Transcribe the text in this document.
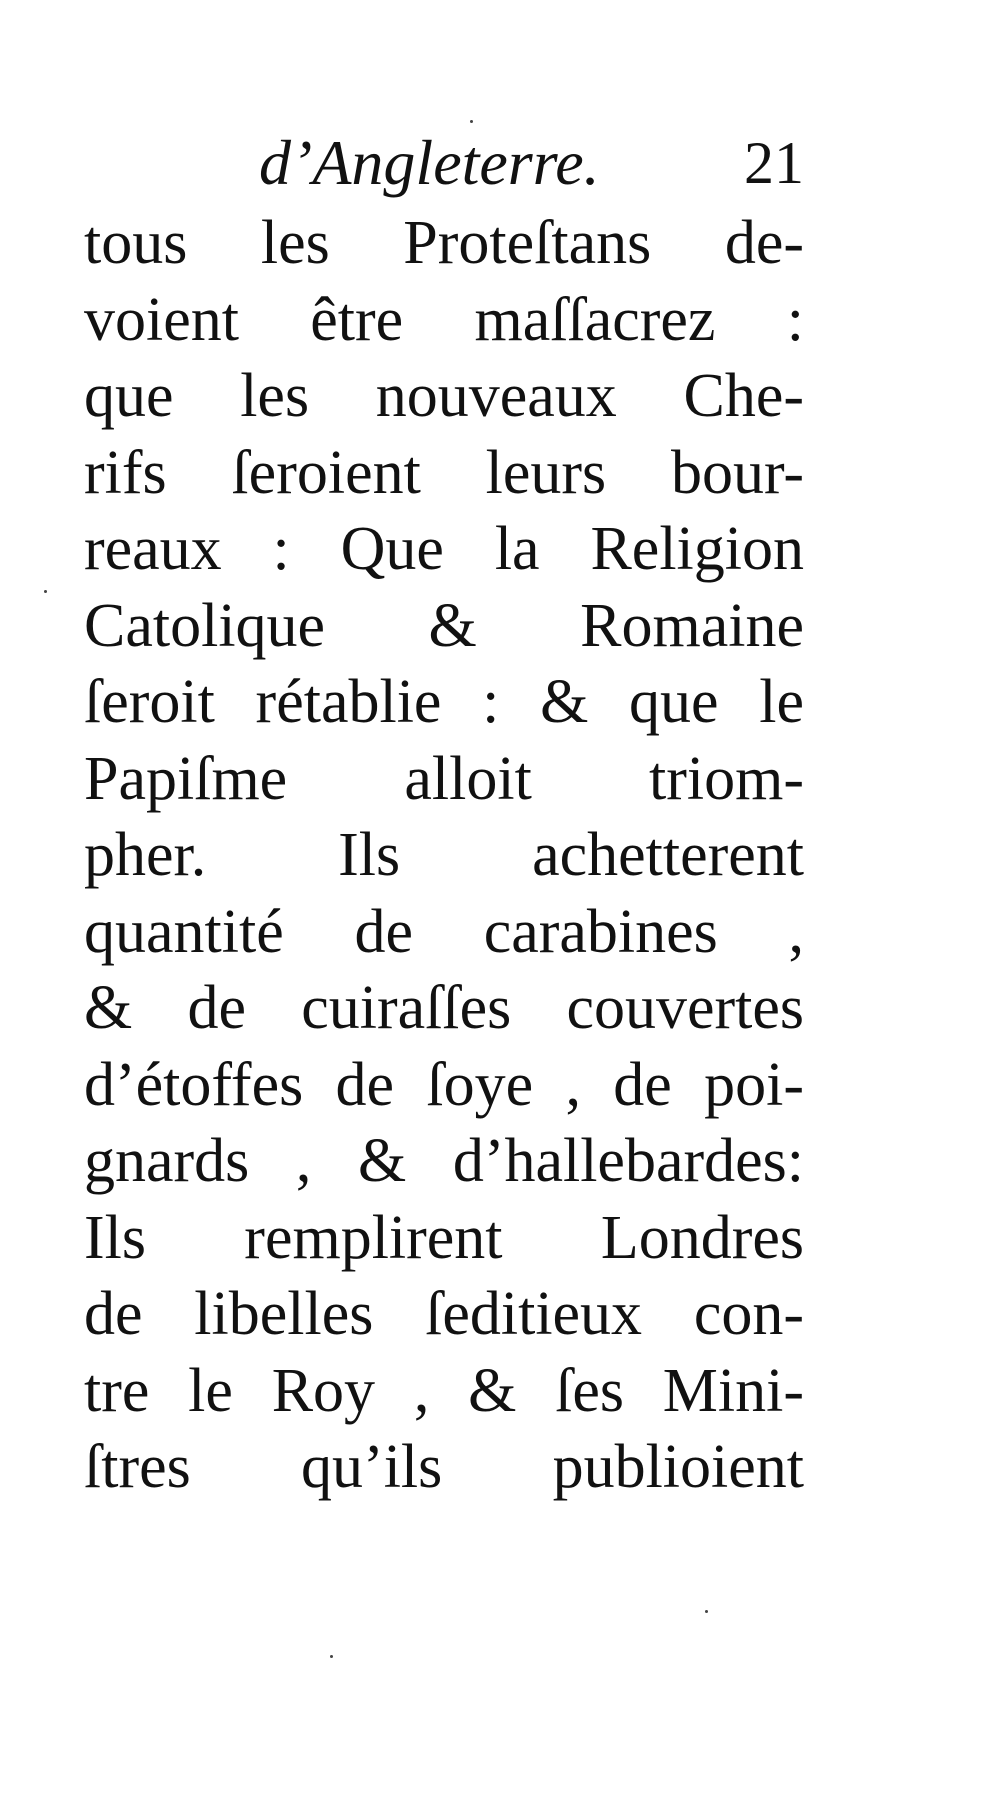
d’Angleterre. 21
tous les Proteſtans de-
voient être maſſacrez :
que les nouveaux Che-
rifs ſeroient leurs bour-
reaux : Que la Religion
Catolique & Romaine
ſeroit rétablie : & que le
Papiſme alloit triom-
pher. Ils achetterent
quantité de carabines ,
& de cuiraſſes couvertes
d’étoffes de ſoye , de poi-
gnards , & d’hallebardes:
Ils remplirent Londres
de libelles ſeditieux con-
tre le Roy , & ſes Mini-
ſtres qu’ils publioient
